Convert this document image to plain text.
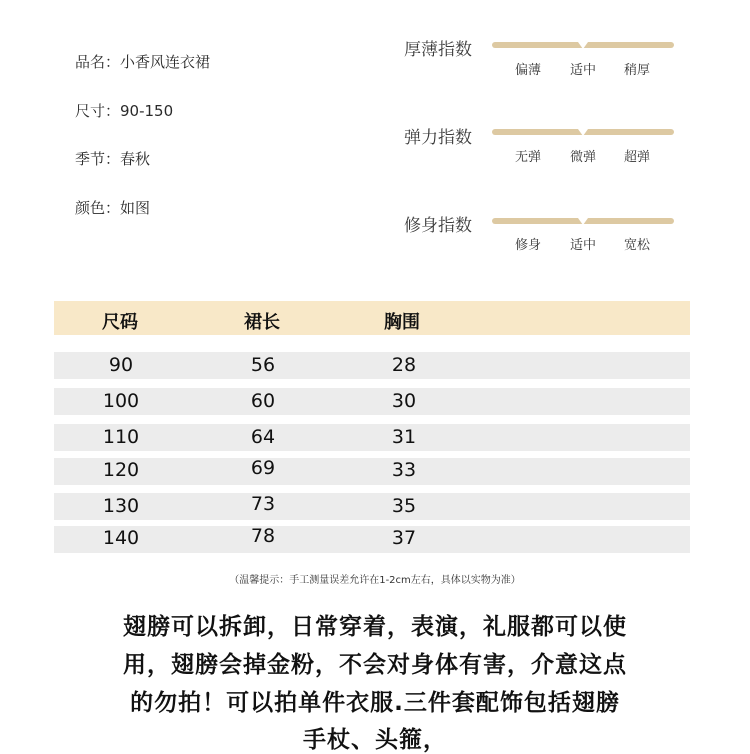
品名：小香风连衣裙
尺寸：90-150
季节：春秋
颜色：如图
厚薄指数
偏薄	适中	稍厚
弹力指数
无弹	微弹	超弹
修身指数
修身	适中	宽松
尺码	裙长	胸围
90	56	28
100	60	30
110	64	31
120	69	33
130	73	35
140	78	37
（温馨提示：手工测量误差允许在1-2cm左右，具体以实物为准）
翅膀可以拆卸，日常穿着，表演，礼服都可以使
用，翅膀会掉金粉，不会对身体有害，介意这点
的勿拍！可以拍单件衣服.三件套配饰包括翅膀
手杖、头箍，
